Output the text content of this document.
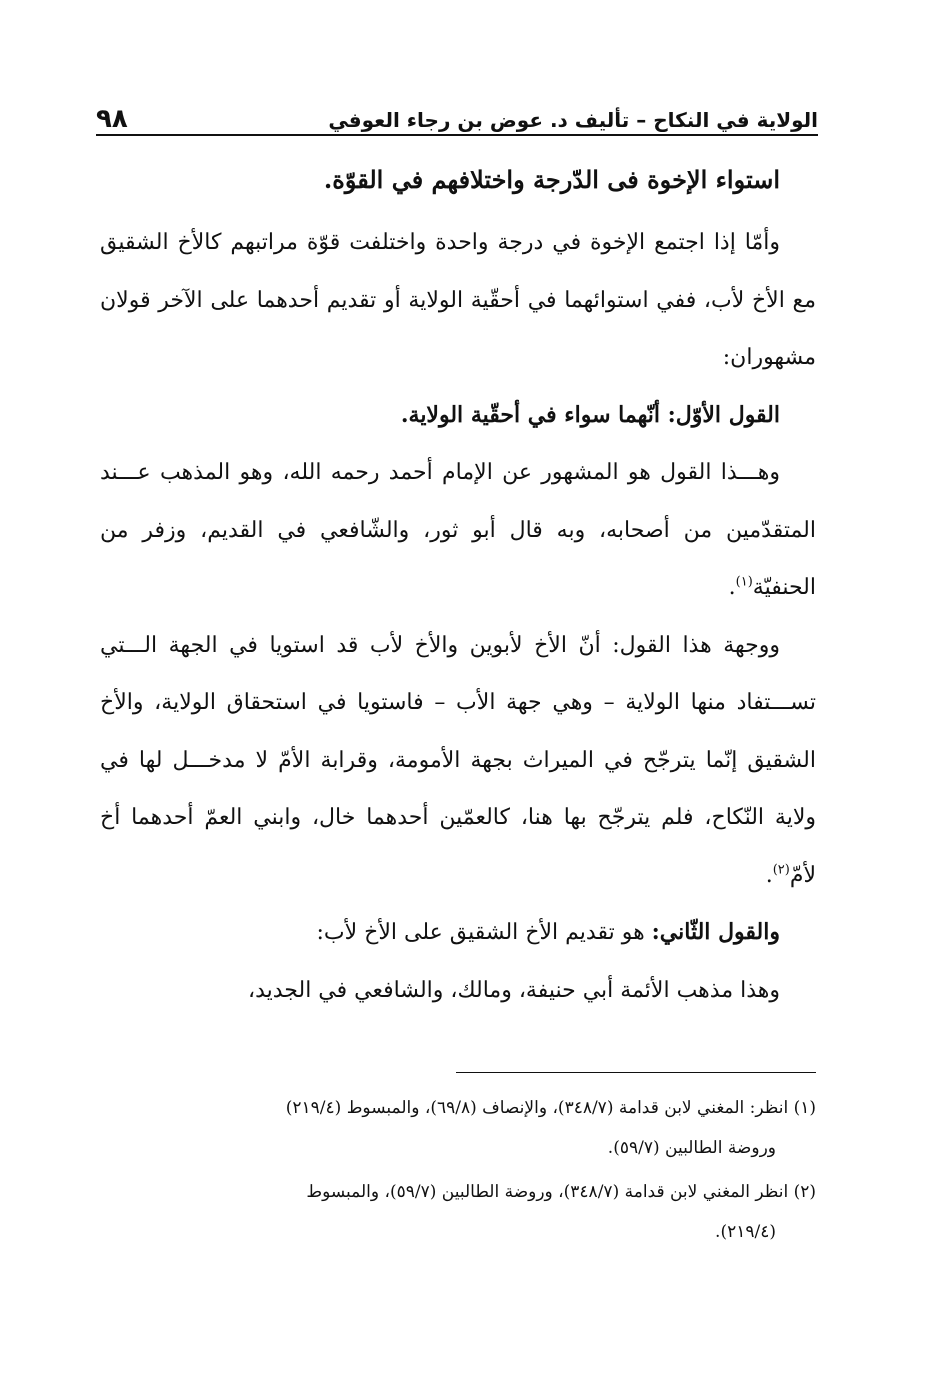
الولاية في النكاح – تأليف د. عوض بن رجاء العوفي
٩٨
استواء الإخوة فى الدّرجة واختلافهم في القوّة.

وأمّا إذا اجتمع الإخوة في درجة واحدة واختلفت قوّة مراتبهم كالأخ الشقيق مع الأخ لأب، ففي استوائهما في أحقّية الولاية أو تقديم أحدهما على الآخر قولان مشهوران:

القول الأوّل: أنّهما سواء في أحقّية الولاية.

وهـــذا القول هو المشهور عن الإمام أحمد رحمه الله، وهو المذهب عـــند المتقدّمين من أصحابه، وبه قال أبو ثور، والشّافعي في القديم، وزفر من الحنفيّة$^{(١)}$.

ووجهة هذا القول: أنّ الأخ لأبوين والأخ لأب قد استويا في الجهة الـــتي تســـتفاد منها الولاية – وهي جهة الأب – فاستويا في استحقاق الولاية، والأخ الشقيق إنّما يترجّح في الميراث بجهة الأمومة، وقرابة الأمّ لا مدخـــل لها في ولاية النّكاح، فلم يترجّح بها هنا، كالعمّين أحدهما خال، وابني العمّ أحدهما أخ لأمّ$^{(٢)}$.

والقول الثّاني: هو تقديم الأخ الشقيق على الأخ لأب:

وهذا مذهب الأئمة أبي حنيفة، ومالك، والشافعي في الجديد،

(١) انظر: المغني لابن قدامة (٣٤٨/٧)، والإنصاف (٦٩/٨)، والمبسوط (٢١٩/٤)
وروضة الطالبين (٥٩/٧).

(٢) انظر المغني لابن قدامة (٣٤٨/٧)، وروضة الطالبين (٥٩/٧)، والمبسوط
(٢١٩/٤).
